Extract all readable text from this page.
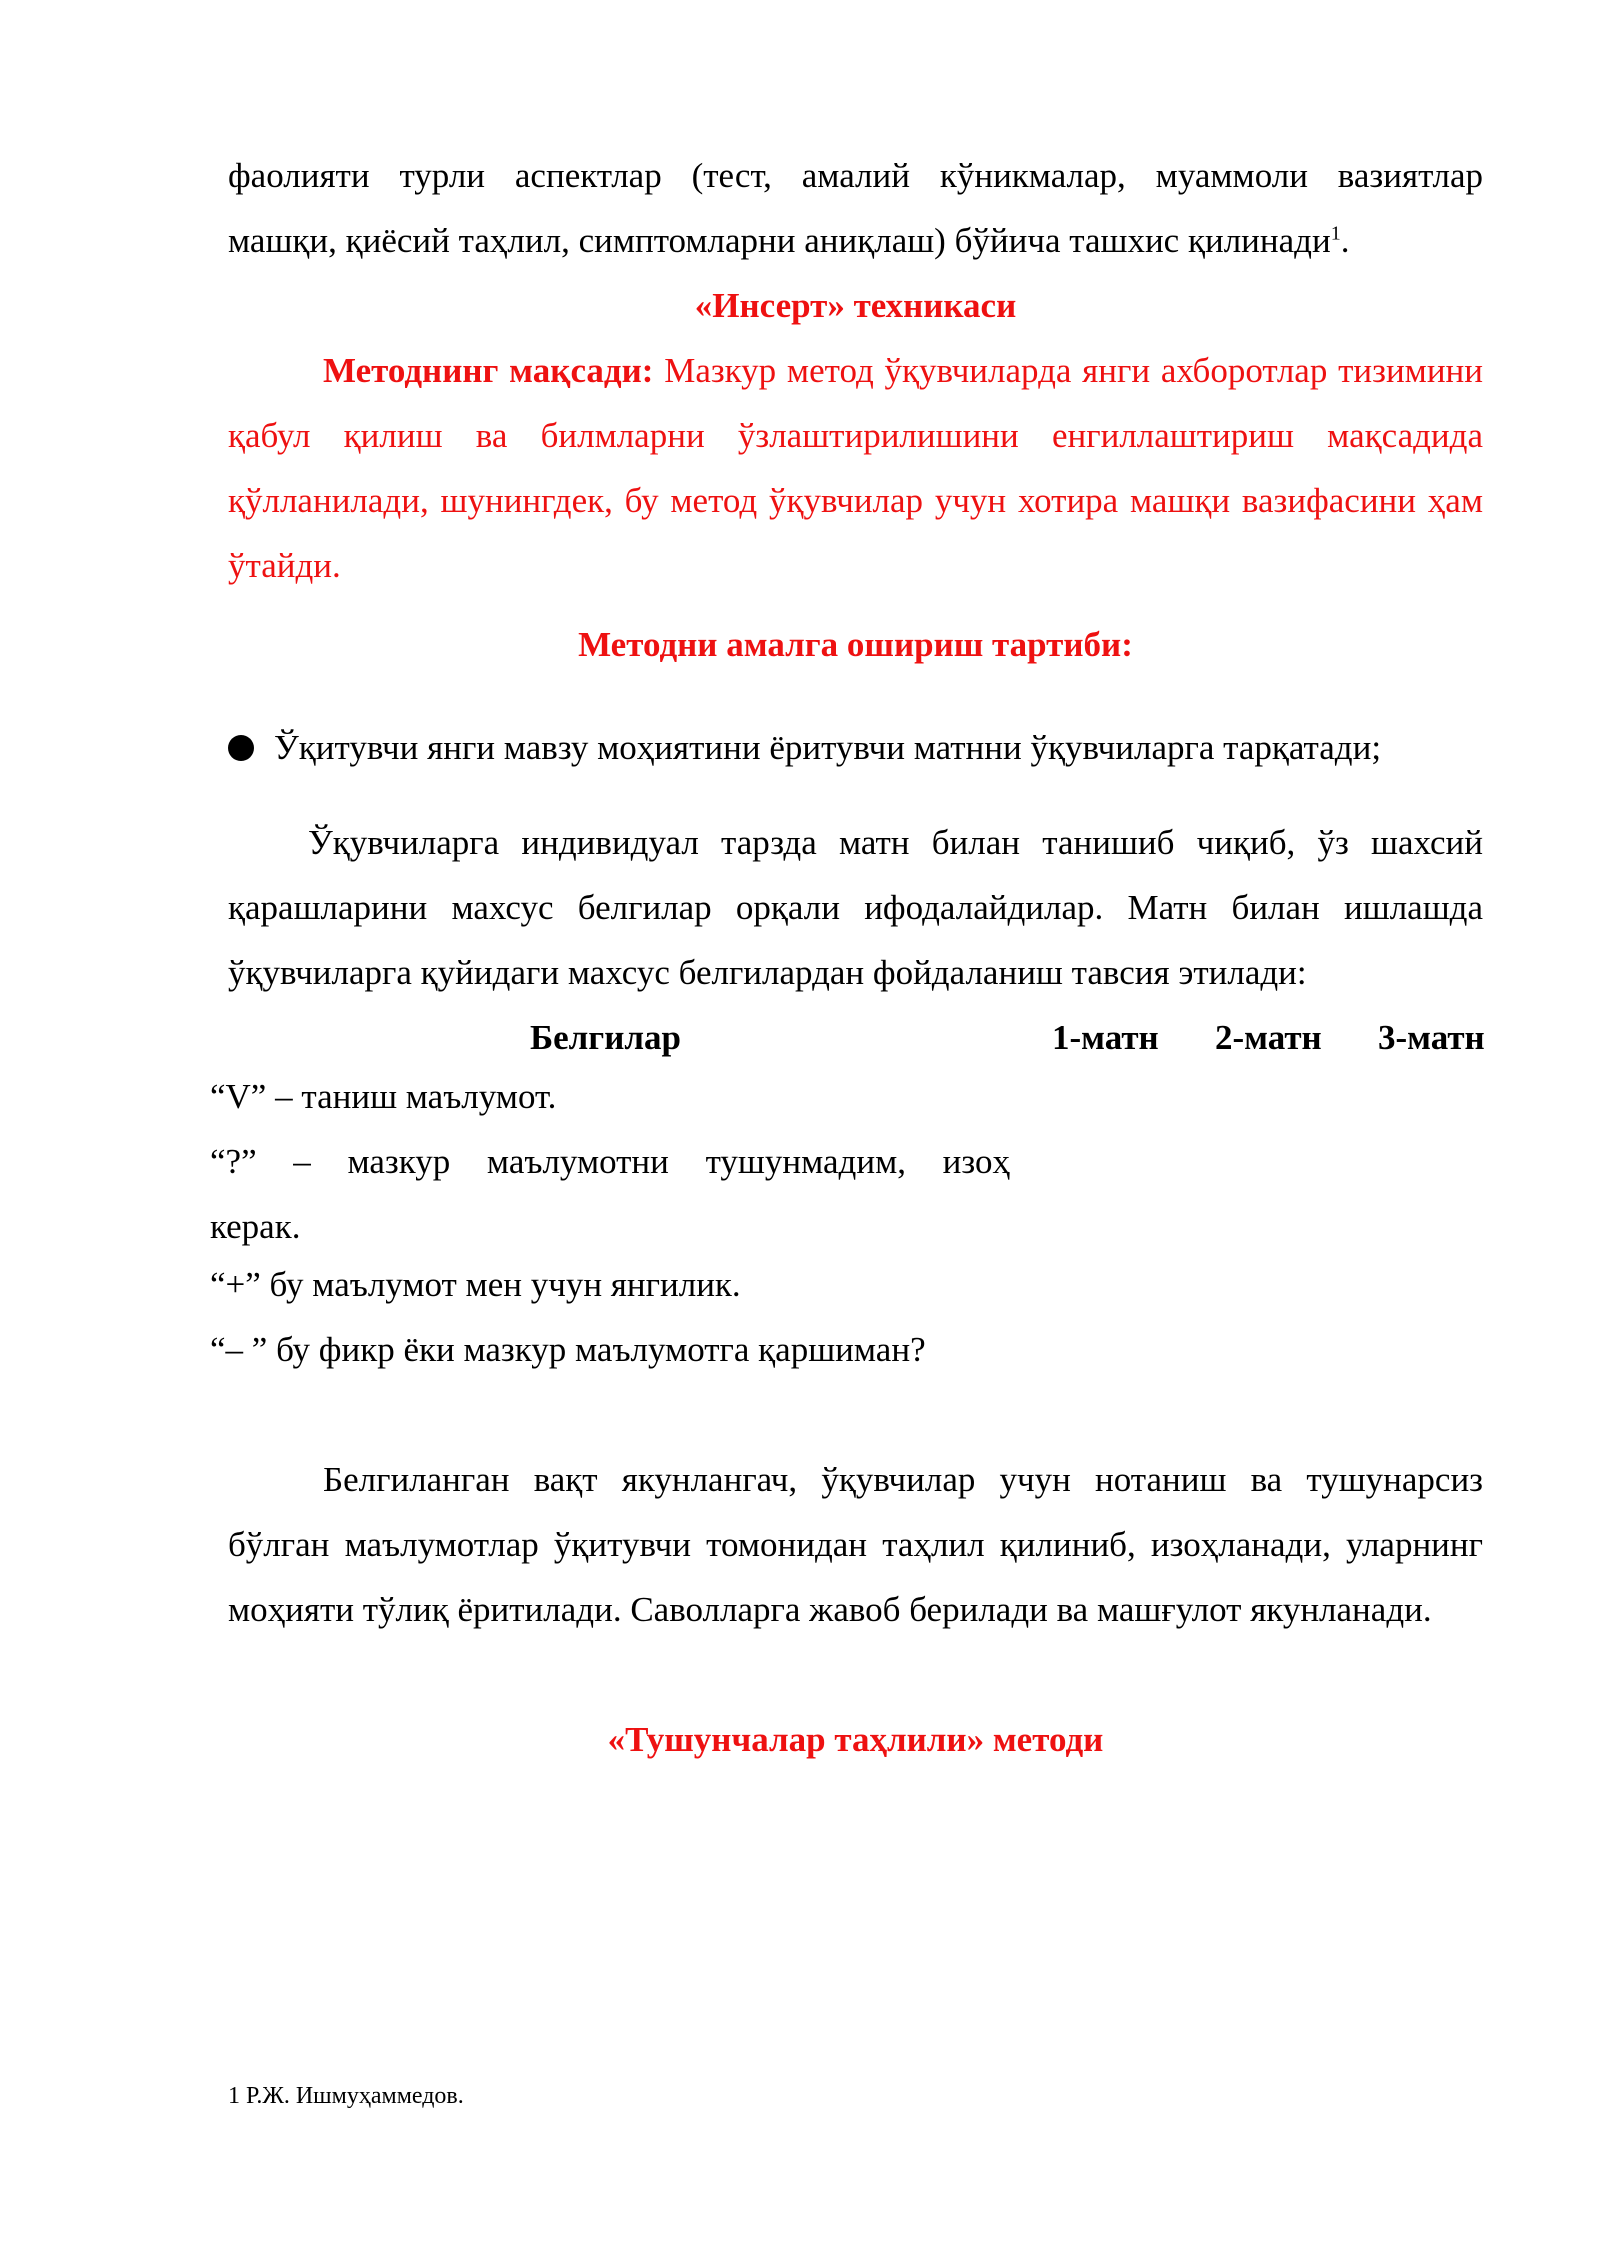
фаолияти турли аспектлар (тест, амалий кўникмалар, муаммоли вазиятлар
машқи, қиёсий таҳлил, симптомларни аниқлаш) бўйича ташхис қилинади$^1$.
«Инсерт» техникаси
Методнинг мақсади: Мазкур метод ўқувчиларда янги ахборотлар тизимини қабул қилиш ва билмларни ўзлаштирилишини енгиллаштириш мақсадида қўлланилади, шунингдек, бу метод ўқувчилар учун хотира машқи вазифасини ҳам ўтайди.
Методни амалга ошириш тартиби:
Ўқитувчи янги мавзу моҳиятини ёритувчи матнни ўқувчиларга тарқатади;
Ўқувчиларга индивидуал тарзда матн билан танишиб чиқиб, ўз шахсий қарашларини махсус белгилар орқали ифодалайдилар. Матн билан ишлашда ўқувчиларга қуйидаги махсус белгилардан фойдаланиш тавсия этилади:
Белгилар	1-матн 2-матн 3-матн
“V” – таниш маълумот.
“?” – мазкур маълумотни тушунмадим, изоҳ
керак.
“+” бу маълумот мен учун янгилик.
“– ” бу фикр ёки мазкур маълумотга қаршиман?
Белгиланган вақт якунлангач, ўқувчилар учун нотаниш ва тушунарсиз бўлган маълумотлар ўқитувчи томонидан таҳлил қилиниб, изоҳланади, уларнинг моҳияти тўлиқ ёритилади. Саволларга жавоб берилади ва машғулот якунланади.
«Тушунчалар таҳлили» методи
1 Р.Ж. Ишмуҳаммедов.
